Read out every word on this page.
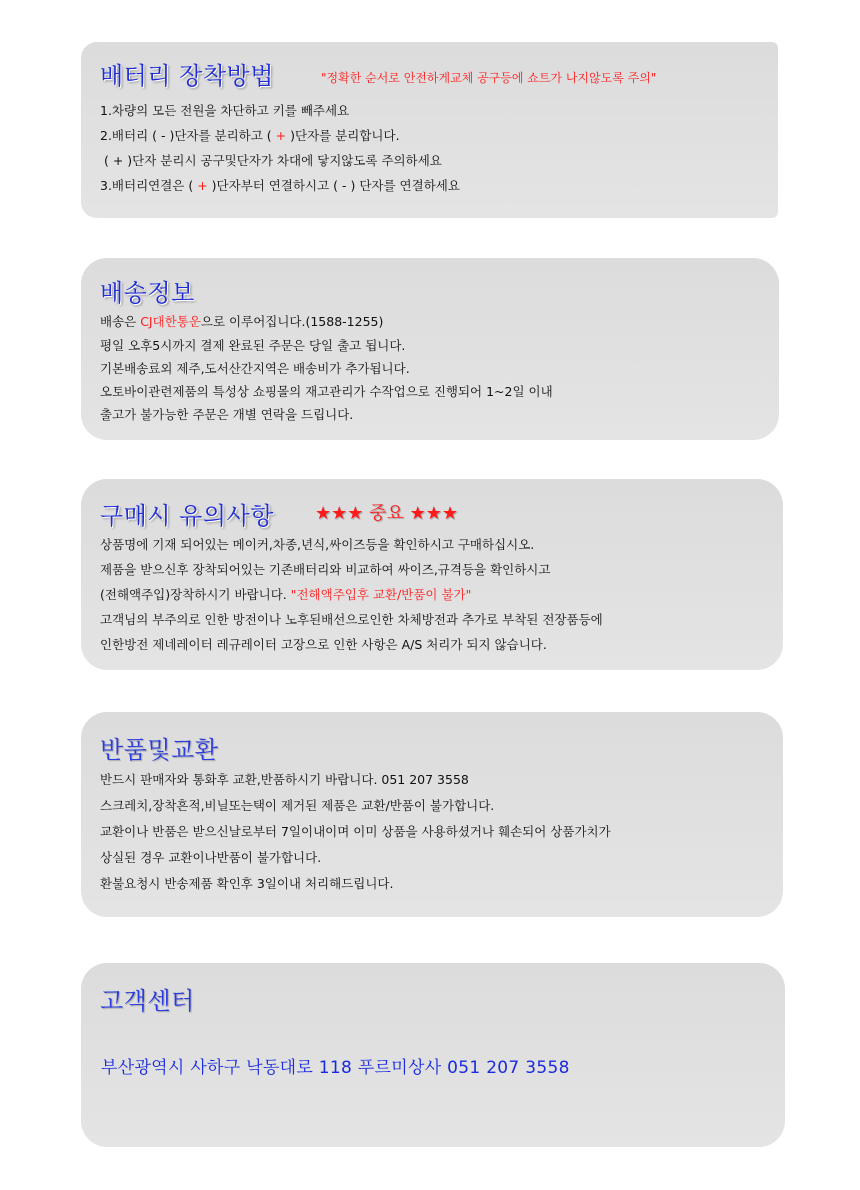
배터리 장착방법	"정확한 순서로 안전하게교체 공구등에 쇼트가 나지않도록 주의"
1.차량의 모든 전원을 차단하고 키를 빼주세요
2.배터리 ( - )단자를 분리하고 ( + )단자를 분리합니다.
( + )단자 분리시 공구및단자가 차대에 닿지않도록 주의하세요
3.배터리연결은 ( + )단자부터 연결하시고 ( - ) 단자를 연결하세요
배송정보
배송은 CJ대한통운으로 이루어집니다.(1588-1255)
평일 오후5시까지 결제 완료된 주문은 당일 출고 됩니다.
기본배송료외 제주,도서산간지역은 배송비가 추가됩니다.
오토바이관련제품의 특성상 쇼핑몰의 재고관리가 수작업으로 진행되어 1~2일 이내
출고가 불가능한 주문은 개별 연락을 드립니다.
구매시 유의사항 ★★★ 중요 ★★★
상품명에 기재 되어있는 메이커,차종,년식,싸이즈등을 확인하시고 구매하십시오.
제품을 받으신후 장착되어있는 기존배터리와 비교하여 싸이즈,규격등을 확인하시고
(전해액주입)장착하시기 바랍니다. "전해액주입후 교환/반품이 불가"
고객님의 부주의로 인한 방전이나 노후된배선으로인한 차체방전과 추가로 부착된 전장품등에
인한방전 제네레이터 레규레이터 고장으로 인한 사항은 A/S 처리가 되지 않습니다.
반품및교환
반드시 판매자와 통화후 교환,반품하시기 바랍니다. 051 207 3558
스크레치,장착흔적,비닐또는택이 제거된 제품은 교환/반품이 불가합니다.
교환이나 반품은 받으신날로부터 7일이내이며 이미 상품을 사용하셨거나 훼손되어 상품가치가
상실된 경우 교환이나반품이 불가합니다.
환불요청시 반송제품 확인후 3일이내 처리해드립니다.
고객센터
부산광역시 사하구 낙동대로 118 푸르미상사 051 207 3558
